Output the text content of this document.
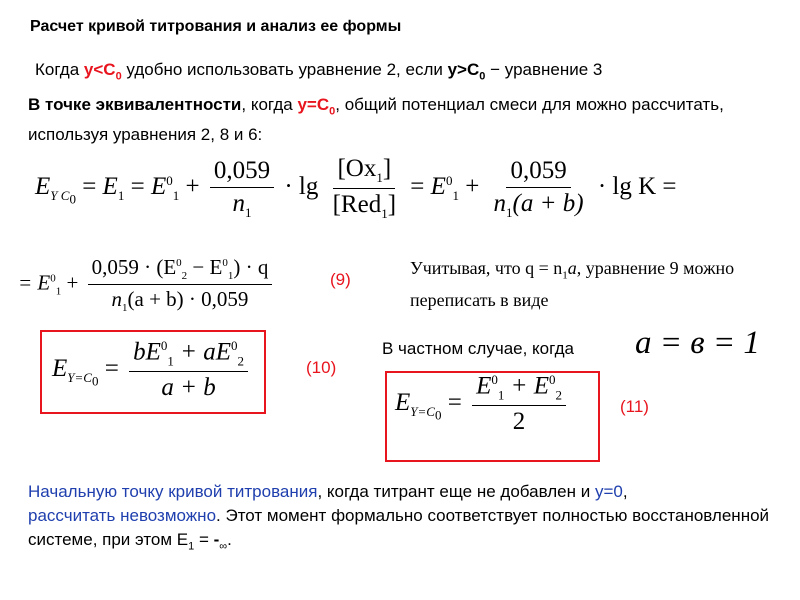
Расчет кривой титрования и анализ ее формы
Когда $y<C_0$ удобно использовать уравнение 2, если $y>C_0$ − уравнение 3
В точке эквивалентности, когда $y=C_0$, общий потенциал смеси для можно рассчитать, используя уравнения 2, 8 и 6:
$E_{Y C_0} = E_1 = E^0_1 + \frac{0,059}{n_1} \cdot \lg \frac{[Ox_1]}{[Red_1]} = E^0_1 + \frac{0,059}{n_1(a + b)} \cdot \lg K$ =
= $E^0_1 + \frac{0,059 \cdot (E^0_2 - E^0_1) \cdot q}{n_1(a + b) \cdot 0,059}$	(9)
Учитывая, что $q = n_1a$, уравнение 9 можно переписать в виде
$E_{Y=C_0} = \frac{bE^0_1 + aE^0_2}{a + b}$	(10)
В частном случае, когда a = в = 1
$E_{Y=C_0} = \frac{E^0_1 + E^0_2}{2}$	(11)
Начальную точку кривой титрования, когда титрант еще не добавлен и y=0,
рассчитать невозможно. Этот момент формально соответствует полностью восстановленной системе, при этом $E_1 = -_\infty$.
